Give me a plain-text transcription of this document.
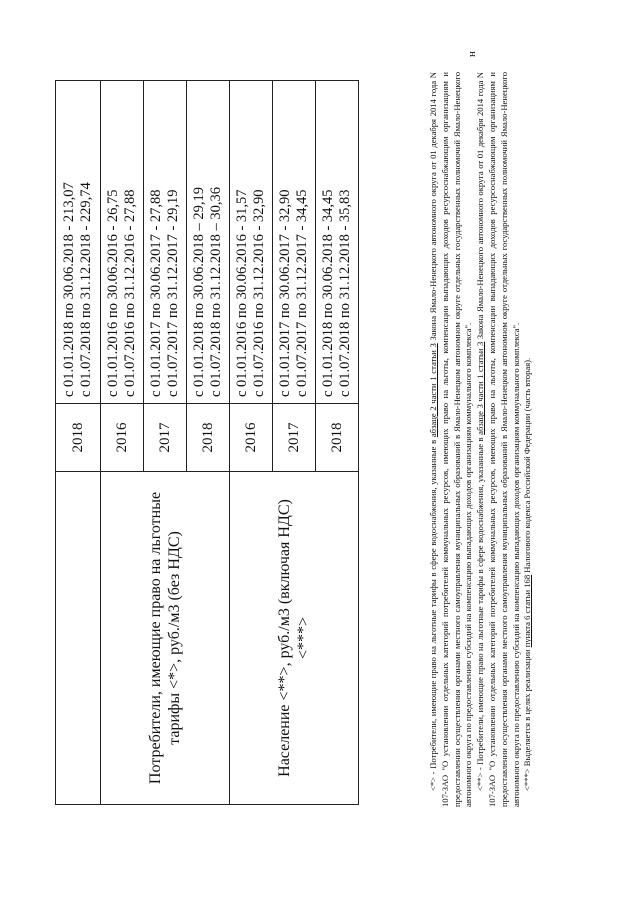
	2018	с 01.01.2018 по 30.06.2018 - 213,07 с 01.07.2018 по 31.12.2018 - 229,74

Потребители, имеющие право на льготные тарифы <*>, руб./м3 (без НДС)	2016	с 01.01.2016 по 30.06.2016 - 26,75 с 01.07.2016 по 31.12.2016 - 27,88

	2017	с 01.01.2017 по 30.06.2017 - 27,88 с 01.07.2017 по 31.12.2017 - 29,19

	2018	с 01.01.2018 по 30.06.2018 – 29,19 с 01.07.2018 по 31.12.2018 – 30,36

Население <**>, руб./м3 (включая НДС) <***>	2016	с 01.01.2016 по 30.06.2016 - 31,57 с 01.07.2016 по 31.12.2016 - 32,90

	2017	с 01.01.2017 по 30.06.2017 - 32,90 с 01.07.2017 по 31.12.2017 - 34,45

	2018	с 01.01.2018 по 30.06.2018 - 34,45 с 01.07.2018 по 31.12.2018 - 35,83

<*> - Потребители, имеющие право на льготные тарифы в сфере водоснабжения, указанные в абзаце 2 части 1 статьи 3 Закона Ямало-Ненецкого автономного округа от 01 декабря 2014 года N 107-ЗАО "О установлении отдельных категорий потребителей коммунальных ресурсов, имеющих право на льготы, компенсации выпадающих доходов ресурсоснабжающим организациям и предоставлении осуществления органами местного самоуправления муниципальных образований в Ямало-Ненецком автономном округе отдельных государственных полномочий Ямало-Ненецкого автономного округа по предоставлению субсидий на компенсацию выпадающих доходов организациям коммунального комплекса". <**> - Потребители, имеющие право на льготные тарифы в сфере водоснабжения, указанные в абзаце 3 части 1 статьи 3 Закона Ямало-Ненецкого автономного округа от 01 декабря 2014 года N 107-ЗАО "О установлении отдельных категорий потребителей коммунальных ресурсов, имеющих право на льготы, компенсации выпадающих доходов ресурсоснабжающим организациям и предоставлении осуществления органами местного самоуправления муниципальных образований в Ямало-Ненецком автономном округе отдельных государственных полномочий Ямало-Ненецкого автономного округа по предоставлению субсидий на компенсацию выпадающих доходов организациям коммунального комплекса". <***> Выделяется в целях реализации пункта 6 статьи 168 Налогового кодекса Российской Федерации (часть вторая).

н
